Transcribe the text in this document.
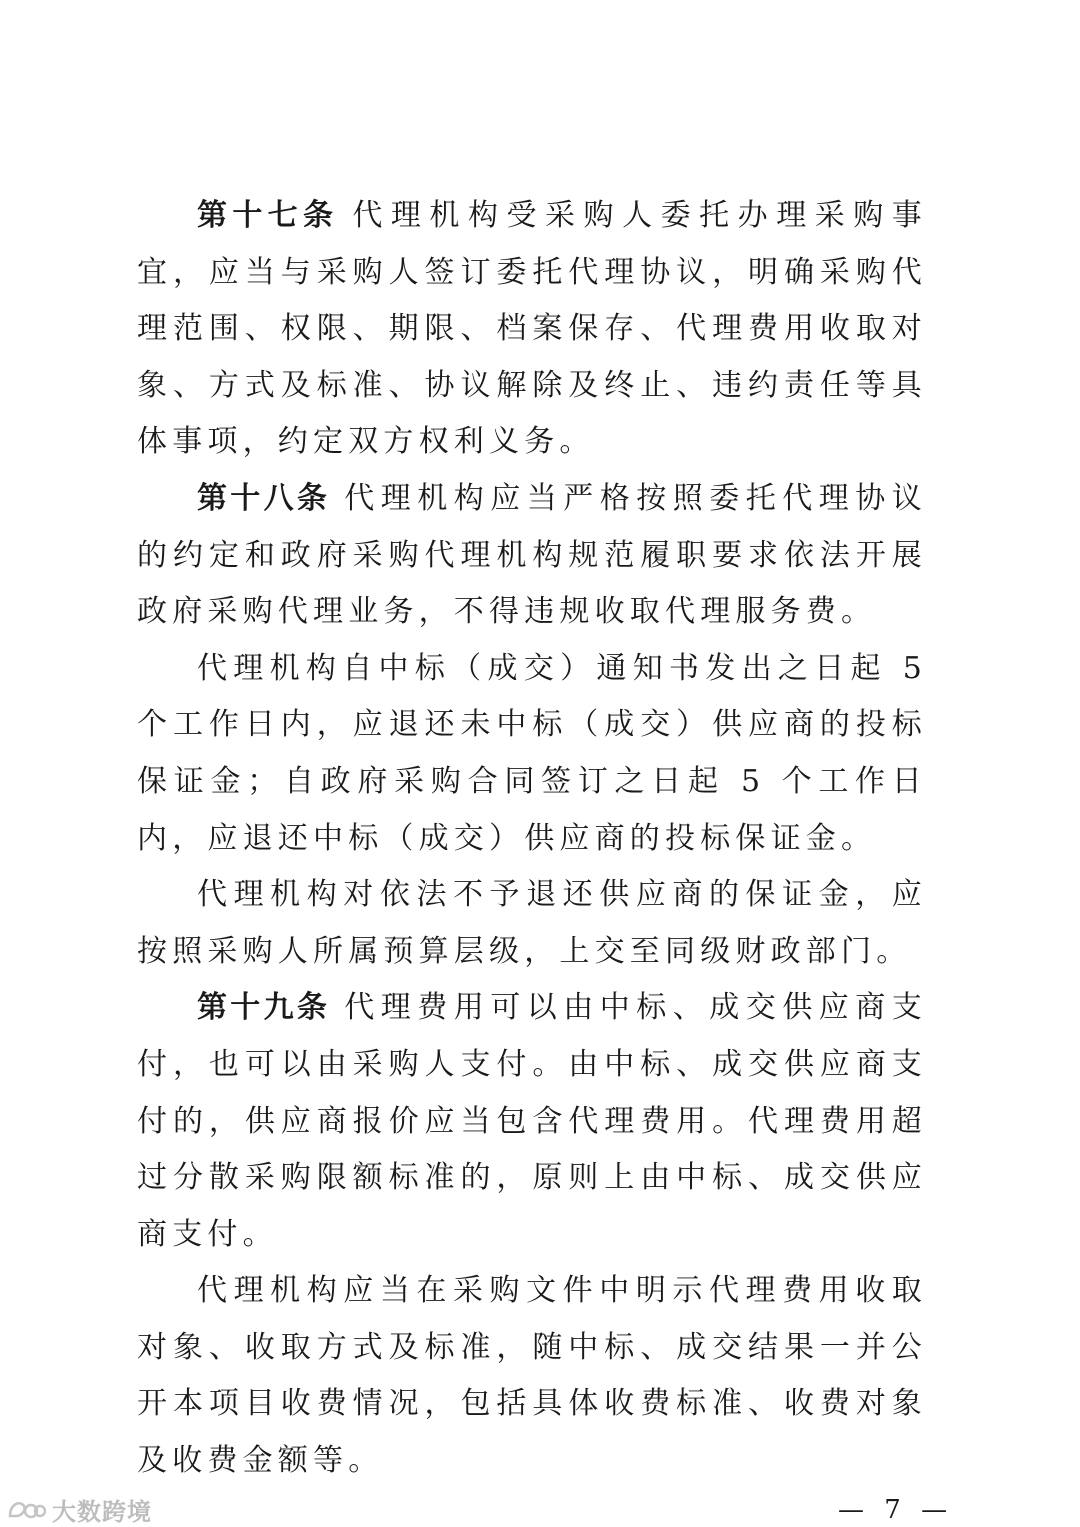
第十七条 代理机构受采购人委托办理采购事宜，应当与采购人签订委托代理协议，明确采购代理范围、权限、期限、档案保存、代理费用收取对象、方式及标准、协议解除及终止、违约责任等具体事项，约定双方权利义务。

第十八条 代理机构应当严格按照委托代理协议的约定和政府采购代理机构规范履职要求依法开展政府采购代理业务，不得违规收取代理服务费。

代理机构自中标（成交）通知书发出之日起 5 个工作日内，应退还未中标（成交）供应商的投标保证金；自政府采购合同签订之日起 5 个工作日内，应退还中标（成交）供应商的投标保证金。

代理机构对依法不予退还供应商的保证金，应按照采购人所属预算层级，上交至同级财政部门。

第十九条 代理费用可以由中标、成交供应商支付，也可以由采购人支付。由中标、成交供应商支付的，供应商报价应当包含代理费用。代理费用超过分散采购限额标准的，原则上由中标、成交供应商支付。

代理机构应当在采购文件中明示代理费用收取对象、收取方式及标准，随中标、成交结果一并公开本项目收费情况，包括具体收费标准、收费对象及收费金额等。

— 7 —
大数跨境
